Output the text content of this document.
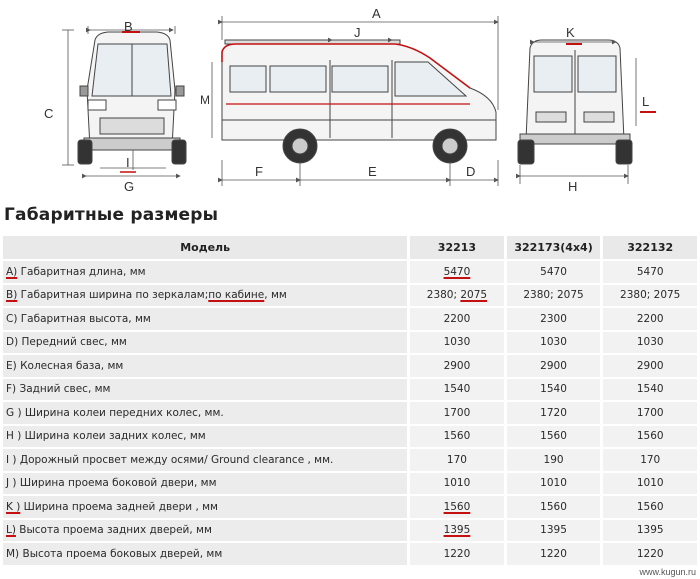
B
C
I
G
A
J
M
F	E	D
K
L
H
Габаритные размеры
Модель		32213		322173(4x4)		322132
A) Габаритная длина, мм		5470		5470		5470
B) Габаритная ширина по зеркалам;по кабине, мм		2380; 2075		2380; 2075		2380; 2075
C) Габаритная высота, мм		2200		2300		2200
D) Передний свес, мм		1030		1030		1030
E) Колесная база, мм		2900		2900		2900
F) Задний свес, мм		1540		1540		1540
G ) Ширина колеи передних колес, мм.		1700		1720		1700
H ) Ширина колеи задних колес, мм		1560		1560		1560
I ) Дорожный просвет между осями/ Ground clearance , мм.		170		190		170
J ) Ширина проема боковой двери, мм		1010		1010		1010
K ) Ширина проема задней двери , мм		1560		1560		1560
L) Высота проема задних дверей, мм		1395		1395		1395
M) Высота проема боковых дверей, мм		1220		1220		1220
www.kugun.ru
